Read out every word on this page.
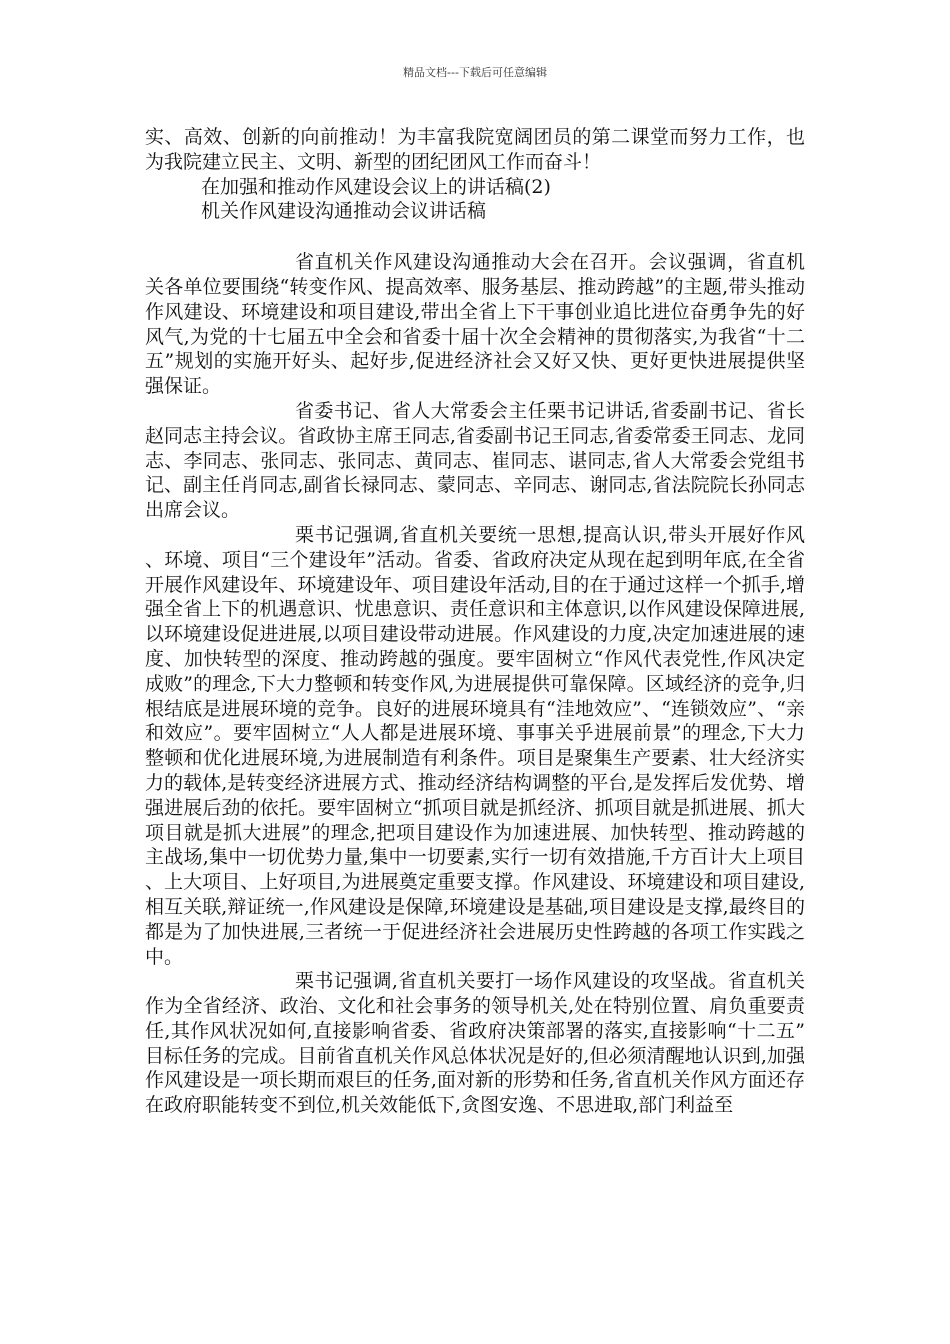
精品文档---下载后可任意编辑

实、高效、创新的向前推动！为丰富我院宽阔团员的第二课堂而努力工作，也为我院建立民主、文明、新型的团纪团风工作而奋斗！

在加强和推动作风建设会议上的讲话稿(2)

机关作风建设沟通推动会议讲话稿

省直机关作风建设沟通推动大会在召开。会议强调，省直机关各单位要围绕“转变作风、提高效率、服务基层、推动跨越”的主题,带头推动作风建设、环境建设和项目建设,带出全省上下干事创业追比进位奋勇争先的好风气,为党的十七届五中全会和省委十届十次全会精神的贯彻落实,为我省“十二五”规划的实施开好头、起好步,促进经济社会又好又快、更好更快进展提供坚强保证。

省委书记、省人大常委会主任栗书记讲话,省委副书记、省长赵同志主持会议。省政协主席王同志,省委副书记王同志,省委常委王同志、龙同志、李同志、张同志、张同志、黄同志、崔同志、谌同志,省人大常委会党组书记、副主任肖同志,副省长禄同志、蒙同志、辛同志、谢同志,省法院院长孙同志出席会议。

栗书记强调,省直机关要统一思想,提高认识,带头开展好作风、环境、项目“三个建设年”活动。省委、省政府决定从现在起到明年底,在全省开展作风建设年、环境建设年、项目建设年活动,目的在于通过这样一个抓手,增强全省上下的机遇意识、忧患意识、责任意识和主体意识,以作风建设保障进展,以环境建设促进进展,以项目建设带动进展。作风建设的力度,决定加速进展的速度、加快转型的深度、推动跨越的强度。要牢固树立“作风代表党性,作风决定成败”的理念,下大力整顿和转变作风,为进展提供可靠保障。区域经济的竞争,归根结底是进展环境的竞争。良好的进展环境具有“洼地效应”、“连锁效应”、“亲和效应”。要牢固树立“人人都是进展环境、事事关乎进展前景”的理念,下大力整顿和优化进展环境,为进展制造有利条件。项目是聚集生产要素、壮大经济实力的载体,是转变经济进展方式、推动经济结构调整的平台,是发挥后发优势、增强进展后劲的依托。要牢固树立“抓项目就是抓经济、抓项目就是抓进展、抓大项目就是抓大进展”的理念,把项目建设作为加速进展、加快转型、推动跨越的主战场,集中一切优势力量,集中一切要素,实行一切有效措施,千方百计大上项目、上大项目、上好项目,为进展奠定重要支撑。作风建设、环境建设和项目建设,相互关联,辩证统一,作风建设是保障,环境建设是基础,项目建设是支撑,最终目的都是为了加快进展,三者统一于促进经济社会进展历史性跨越的各项工作实践之中。

栗书记强调,省直机关要打一场作风建设的攻坚战。省直机关作为全省经济、政治、文化和社会事务的领导机关,处在特别位置、肩负重要责任,其作风状况如何,直接影响省委、省政府决策部署的落实,直接影响“十二五”目标任务的完成。目前省直机关作风总体状况是好的,但必须清醒地认识到,加强作风建设是一项长期而艰巨的任务,面对新的形势和任务,省直机关作风方面还存在政府职能转变不到位,机关效能低下,贪图安逸、不思进取,部门利益至
